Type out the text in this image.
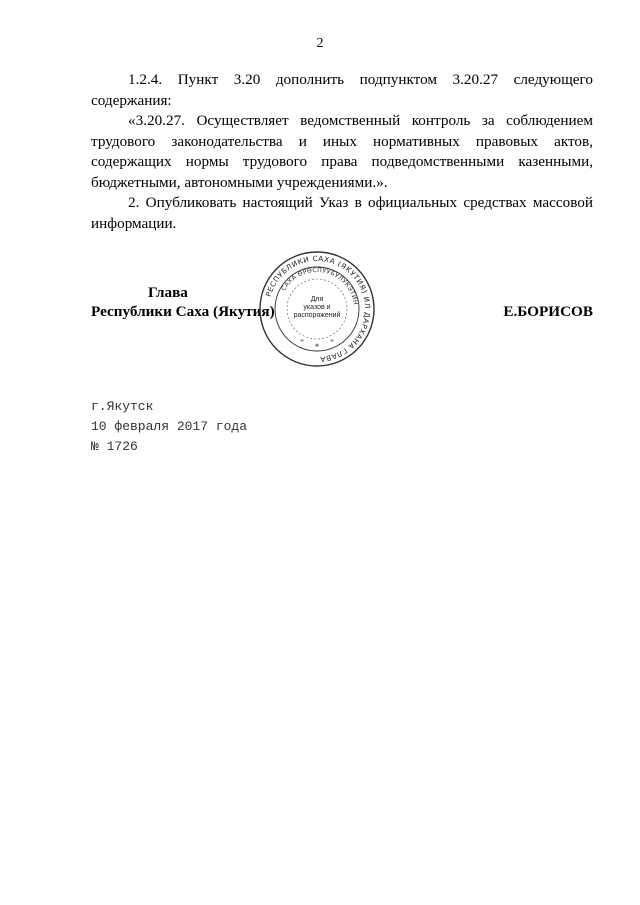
2

1.2.4. Пункт 3.20 дополнить подпунктом 3.20.27 следующего содержания:

«3.20.27. Осуществляет ведомственный контроль за соблюдением трудового законодательства и иных нормативных правовых актов, содержащих нормы трудового права подведомственными казенными, бюджетными, автономными учреждениями.».

2. Опубликовать настоящий Указ в официальных средствах массовой информации.

Глава
Республики Саха (Якутия)	Е.БОРИСОВ
РЕСПУБЛИКИ САХА (ЯКУТИЯ) ИЛ ДАРХАНА ГЛАВА
САХА ӨРӨСПУУБУЛУКЭТИН
*
*	*
Для
указов и
распоряжений
г.Якутск
10 февраля 2017 года
№ 1726
